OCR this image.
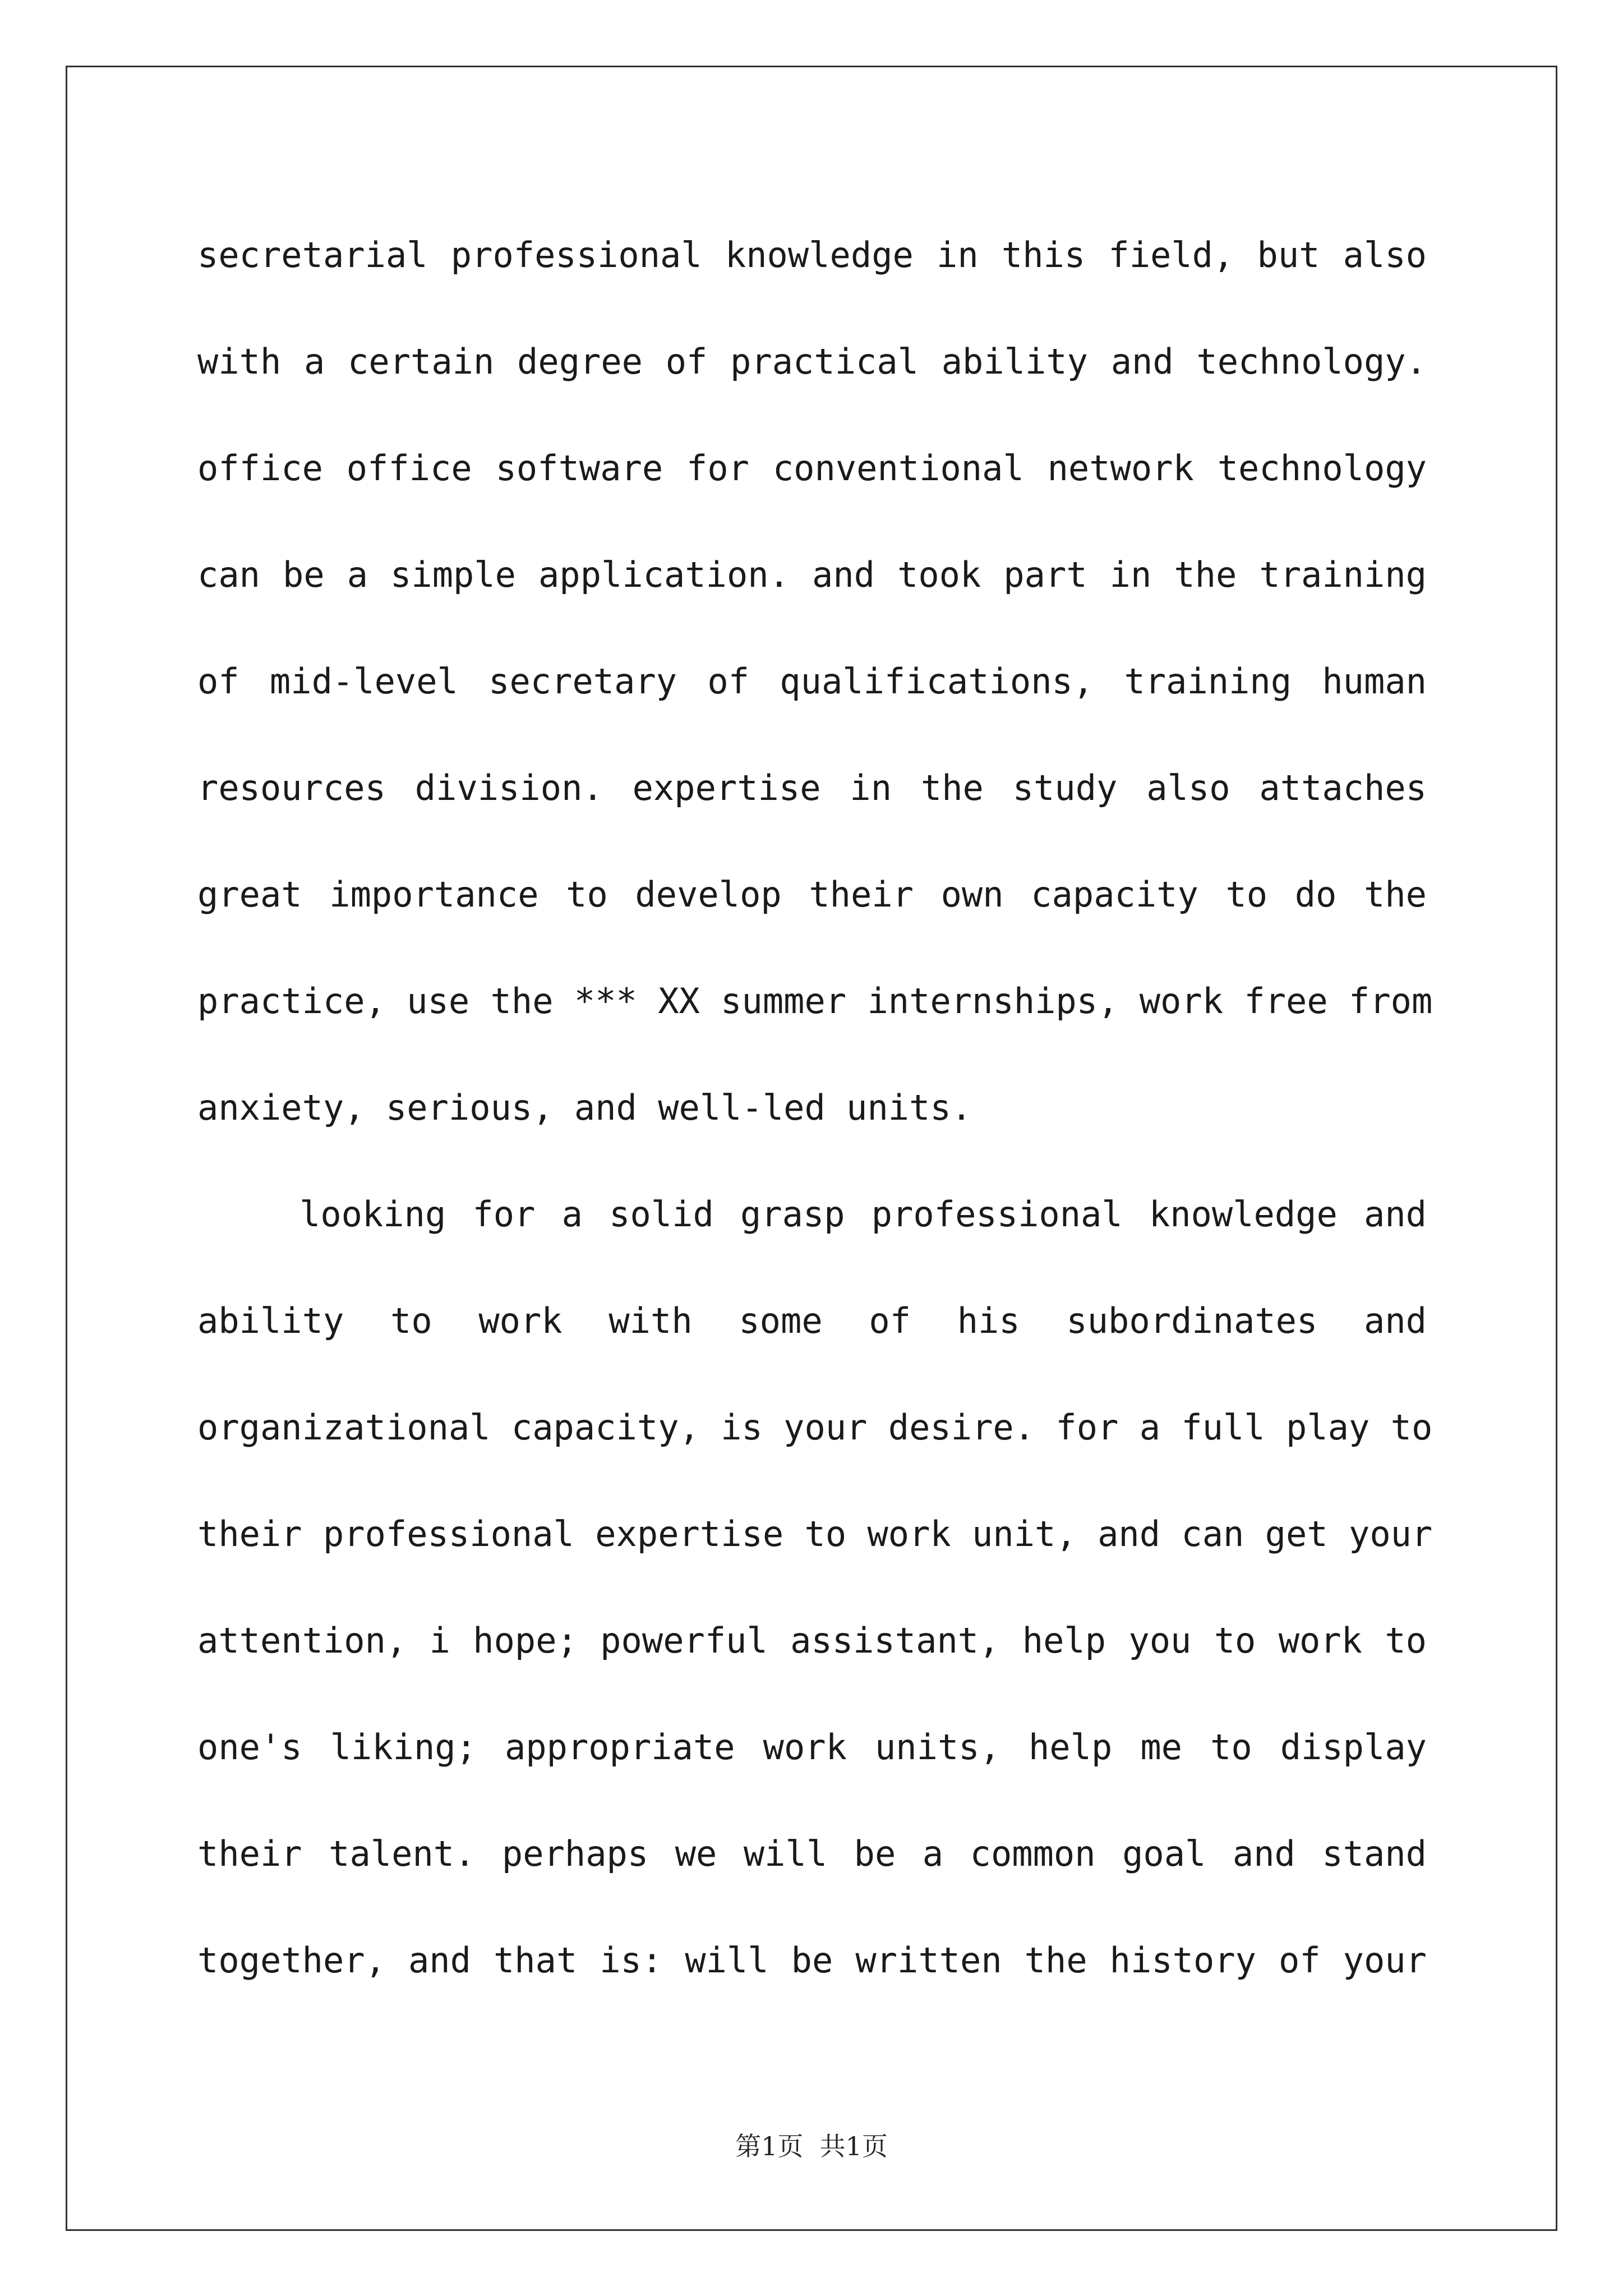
secretarial professional knowledge in this field, but also
with a certain degree of practical ability and technology.
office office software for conventional network technology
can be a simple application. and took part in the training
of mid-level secretary of qualifications, training human
resources division. expertise in the study also attaches
great importance to develop their own capacity to do the
practice, use the *** XX summer internships, work free from
anxiety, serious, and well-led units.
looking for a solid grasp professional knowledge and
ability to work with some of his subordinates and
organizational capacity, is your desire. for a full play to
their professional expertise to work unit, and can get your
attention, i hope; powerful assistant, help you to work to
one's liking; appropriate work units, help me to display
their talent. perhaps we will be a common goal and stand
together, and that is: will be written the history of your
第1页  共1页
